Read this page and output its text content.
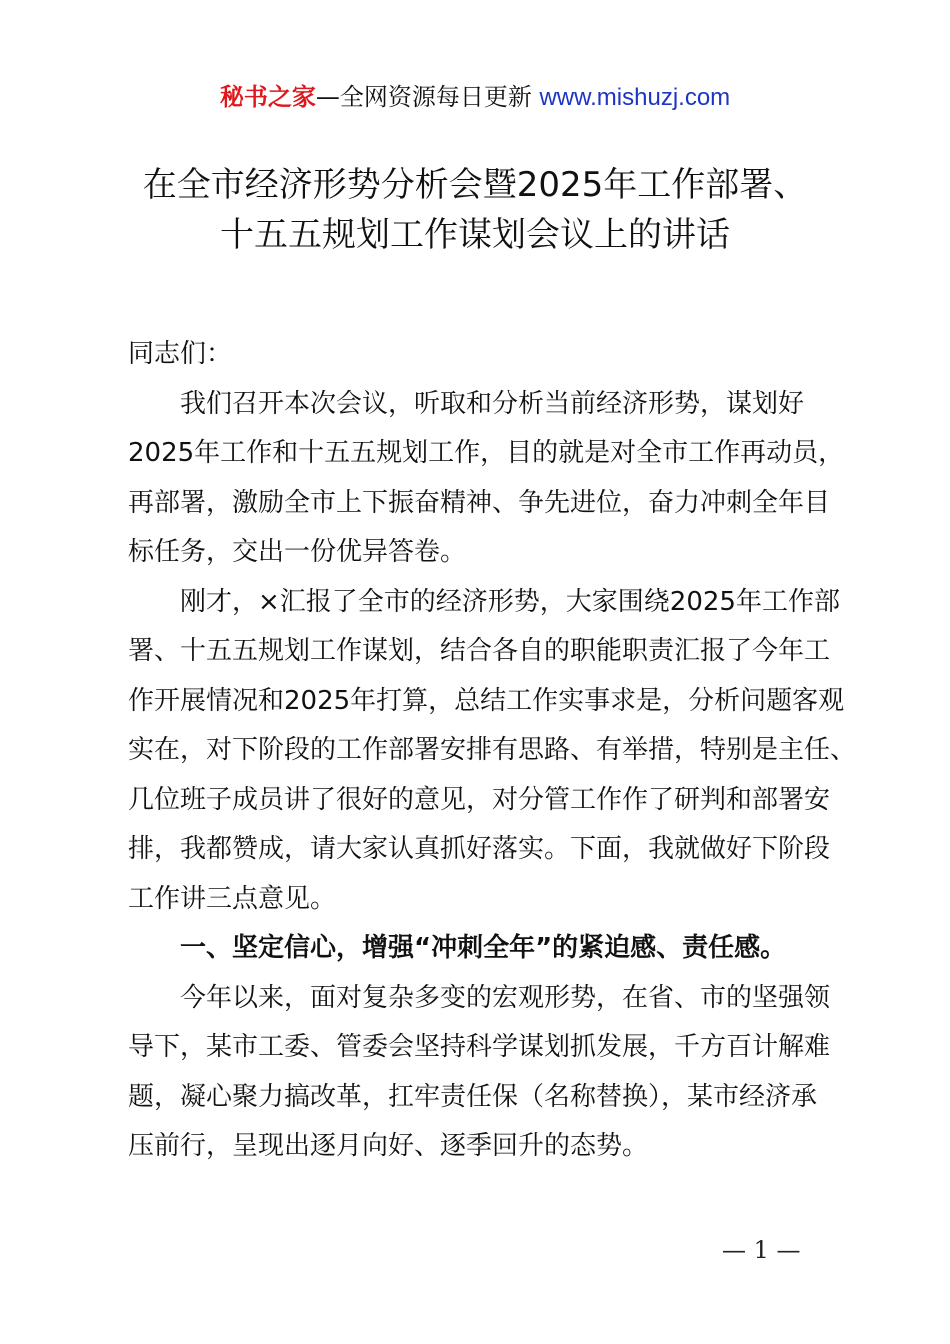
秘书之家—全网资源每日更新 www.mishuzj.com
在全市经济形势分析会暨2025年工作部署、
十五五规划工作谋划会议上的讲话
同志们：
我们召开本次会议，听取和分析当前经济形势，谋划好
2025年工作和十五五规划工作，目的就是对全市工作再动员，
再部署，激励全市上下振奋精神、争先进位，奋力冲刺全年目
标任务，交出一份优异答卷。
刚才，×汇报了全市的经济形势，大家围绕2025年工作部
署、十五五规划工作谋划，结合各自的职能职责汇报了今年工
作开展情况和2025年打算，总结工作实事求是，分析问题客观
实在，对下阶段的工作部署安排有思路、有举措，特别是主任、
几位班子成员讲了很好的意见，对分管工作作了研判和部署安
排，我都赞成，请大家认真抓好落实。下面，我就做好下阶段
工作讲三点意见。
一、坚定信心，增强“冲刺全年”的紧迫感、责任感。
今年以来，面对复杂多变的宏观形势，在省、市的坚强领
导下，某市工委、管委会坚持科学谋划抓发展，千方百计解难
题，凝心聚力搞改革，扛牢责任保（名称替换），某市经济承
压前行，呈现出逐月向好、逐季回升的态势。
— 1 —
